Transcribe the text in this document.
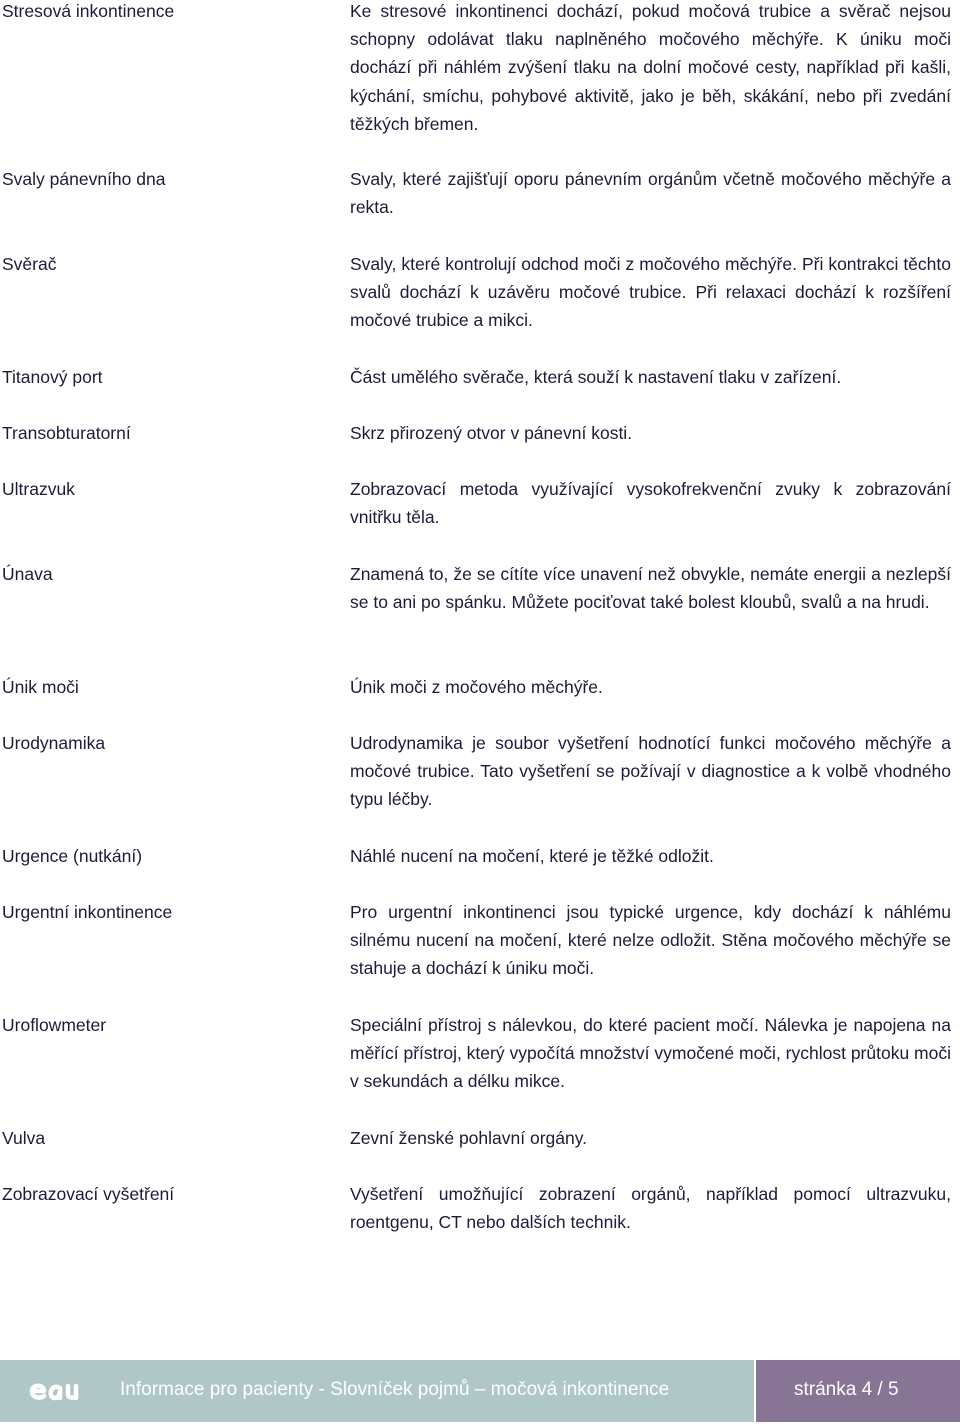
Stresová inkontinence	Ke stresové inkontinenci dochází, pokud močová trubice a svěrač nejsou schopny odolávat tlaku naplněného močového měchýře. K úniku moči dochází při náhlém zvýšení tlaku na dolní močové cesty, například při kašli, kýchání, smíchu, pohybové aktivitě, jako je běh, skákání, nebo při zvedání těžkých břemen.
Svaly pánevního dna	Svaly, které zajišťují oporu pánevním orgánům včetně močového měchýře a rekta.
Svěrač	Svaly, které kontrolují odchod moči z močového měchýře. Při kontrakci těchto svalů dochází k uzávěru močové trubice. Při relaxaci dochází k rozšíření močové trubice a mikci.
Titanový port	Část umělého svěrače, která souží k nastavení tlaku v zařízení.
Transobturatorní	Skrz přirozený otvor v pánevní kosti.
Ultrazvuk	Zobrazovací metoda využívající vysokofrekvenční zvuky k zobrazování vnitřku těla.
Únava	Znamená to, že se cítíte více unavení než obvykle, nemáte energii a nezlepší se to ani po spánku. Můžete pociťovat také bolest kloubů, svalů a na hrudi.
Únik moči	Únik moči z močového měchýře.
Urodynamika	Udrodynamika je soubor vyšetření hodnotící funkci močového měchýře a močové trubice. Tato vyšetření se požívají v diagnostice a k volbě vhodného typu léčby.
Urgence (nutkání)	Náhlé nucení na močení, které je těžké odložit.
Urgentní inkontinence	Pro urgentní inkontinenci jsou typické urgence, kdy dochází k náhlému silnému nucení na močení, které nelze odložit. Stěna močového měchýře se stahuje a dochází k úniku moči.
Uroflowmeter	Speciální přístroj s nálevkou, do které pacient močí. Nálevka je napojena na měřící přístroj, který vypočítá množství vymočené moči, rychlost průtoku moči v sekundách a délku mikce.
Vulva	Zevní ženské pohlavní orgány.
Zobrazovací vyšetření	Vyšetření umožňující zobrazení orgánů, například pomocí ultrazvuku, roentgenu, CT nebo dalších technik.
Informace pro pacienty - Slovníček pojmů – močová inkontinence	stránka 4 / 5
